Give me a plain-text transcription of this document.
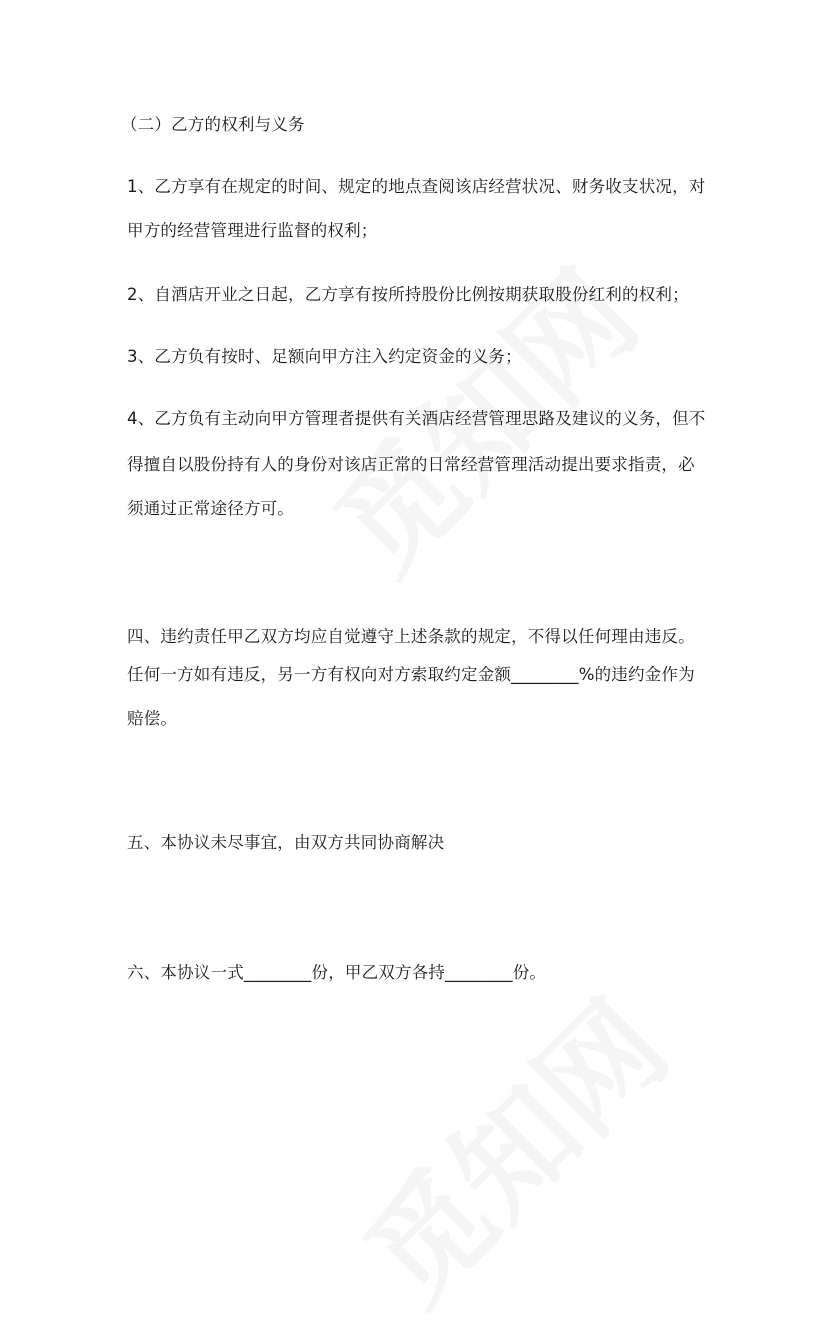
（二）乙方的权利与义务
1、乙方享有在规定的时间、规定的地点查阅该店经营状况、财务收支状况，对
甲方的经营管理进行监督的权利；
2、自酒店开业之日起，乙方享有按所持股份比例按期获取股份红利的权利；
3、乙方负有按时、足额向甲方注入约定资金的义务；
4、乙方负有主动向甲方管理者提供有关酒店经营管理思路及建议的义务，但不
得擅自以股份持有人的身份对该店正常的日常经营管理活动提出要求指责，必
须通过正常途径方可。
四、违约责任甲乙双方均应自觉遵守上述条款的规定，不得以任何理由违反。
任何一方如有违反，另一方有权向对方索取约定金额________%的违约金作为
赔偿。
五、本协议未尽事宜，由双方共同协商解决
六、本协议一式________份，甲乙双方各持________份。
